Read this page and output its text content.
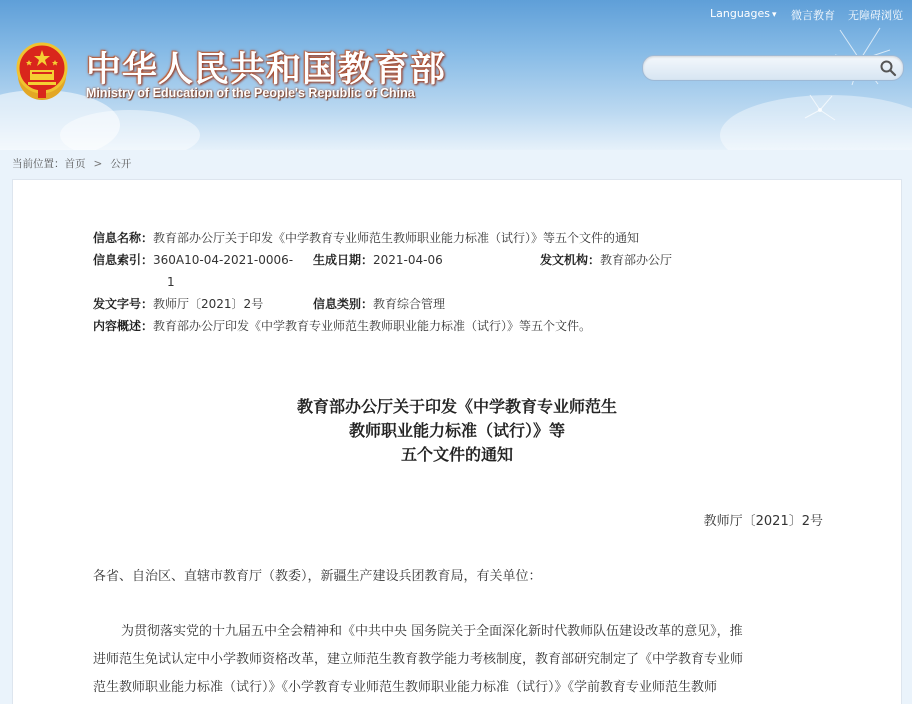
中华人民共和国教育部
Ministry of Education of the People's Republic of China
Languages ▾ 微言教育 无障碍浏览
当前位置：首页 > 公开
信息名称：教育部办公厅关于印发《中学教育专业师范生教师职业能力标准（试行）》等五个文件的通知
信息索引：360A10-04-2021-0006-
1
生成日期：2021-04-06	发文机构：教育部办公厅
发文字号：教师厅〔2021〕2号	信息类别：教育综合管理
内容概述：教育部办公厅印发《中学教育专业师范生教师职业能力标准（试行）》等五个文件。
教育部办公厅关于印发《中学教育专业师范生
教师职业能力标准（试行）》等
五个文件的通知
教师厅〔2021〕2号
各省、自治区、直辖市教育厅（教委），新疆生产建设兵团教育局，有关单位：
为贯彻落实党的十九届五中全会精神和《中共中央 国务院关于全面深化新时代教师队伍建设改革的意见》，推
进师范生免试认定中小学教师资格改革，建立师范生教育教学能力考核制度，教育部研究制定了《中学教育专业师
范生教师职业能力标准（试行）》《小学教育专业师范生教师职业能力标准（试行）》《学前教育专业师范生教师
